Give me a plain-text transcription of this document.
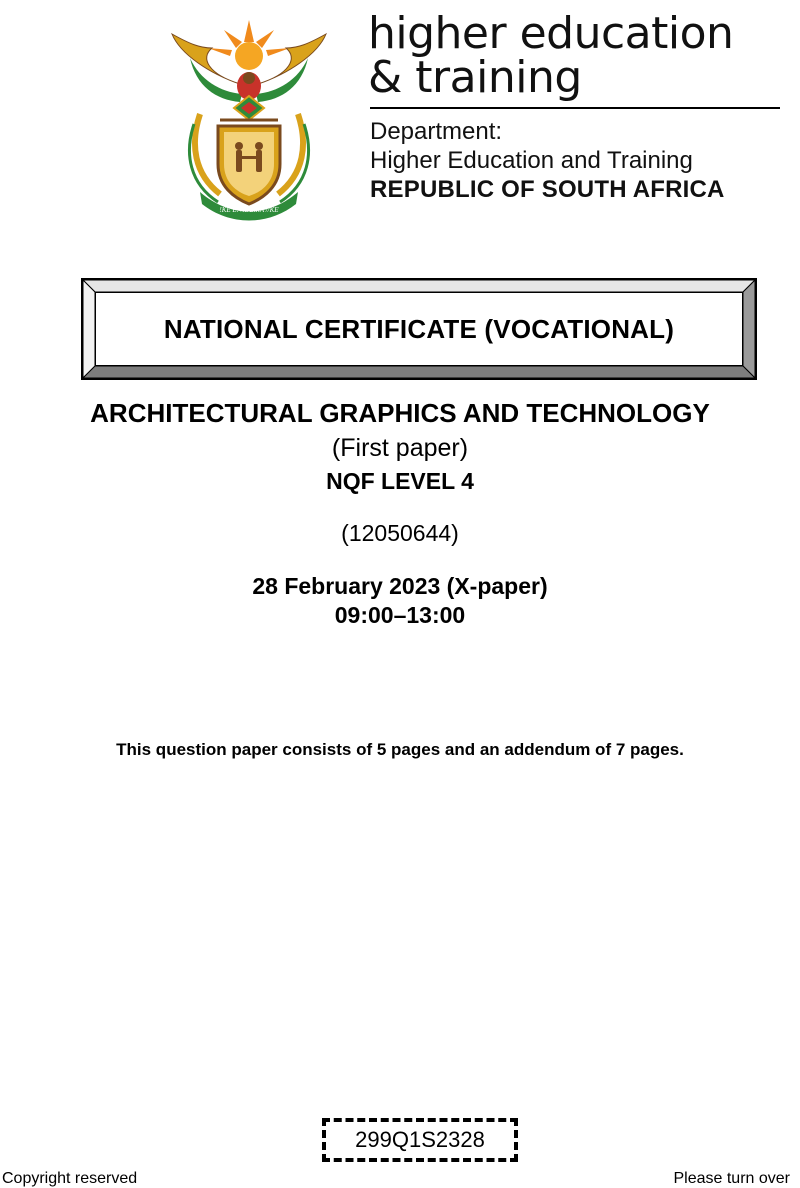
!KE E: /XARRA //KE
higher education
& training
Department:
Higher Education and Training
REPUBLIC OF SOUTH AFRICA
NATIONAL CERTIFICATE (VOCATIONAL)
ARCHITECTURAL GRAPHICS AND TECHNOLOGY
(First paper)
NQF LEVEL 4
(12050644)
28 February 2023 (X-paper)
09:00–13:00
This question paper consists of 5 pages and an addendum of 7 pages.
299Q1S2328
Copyright reserved	Please turn over
